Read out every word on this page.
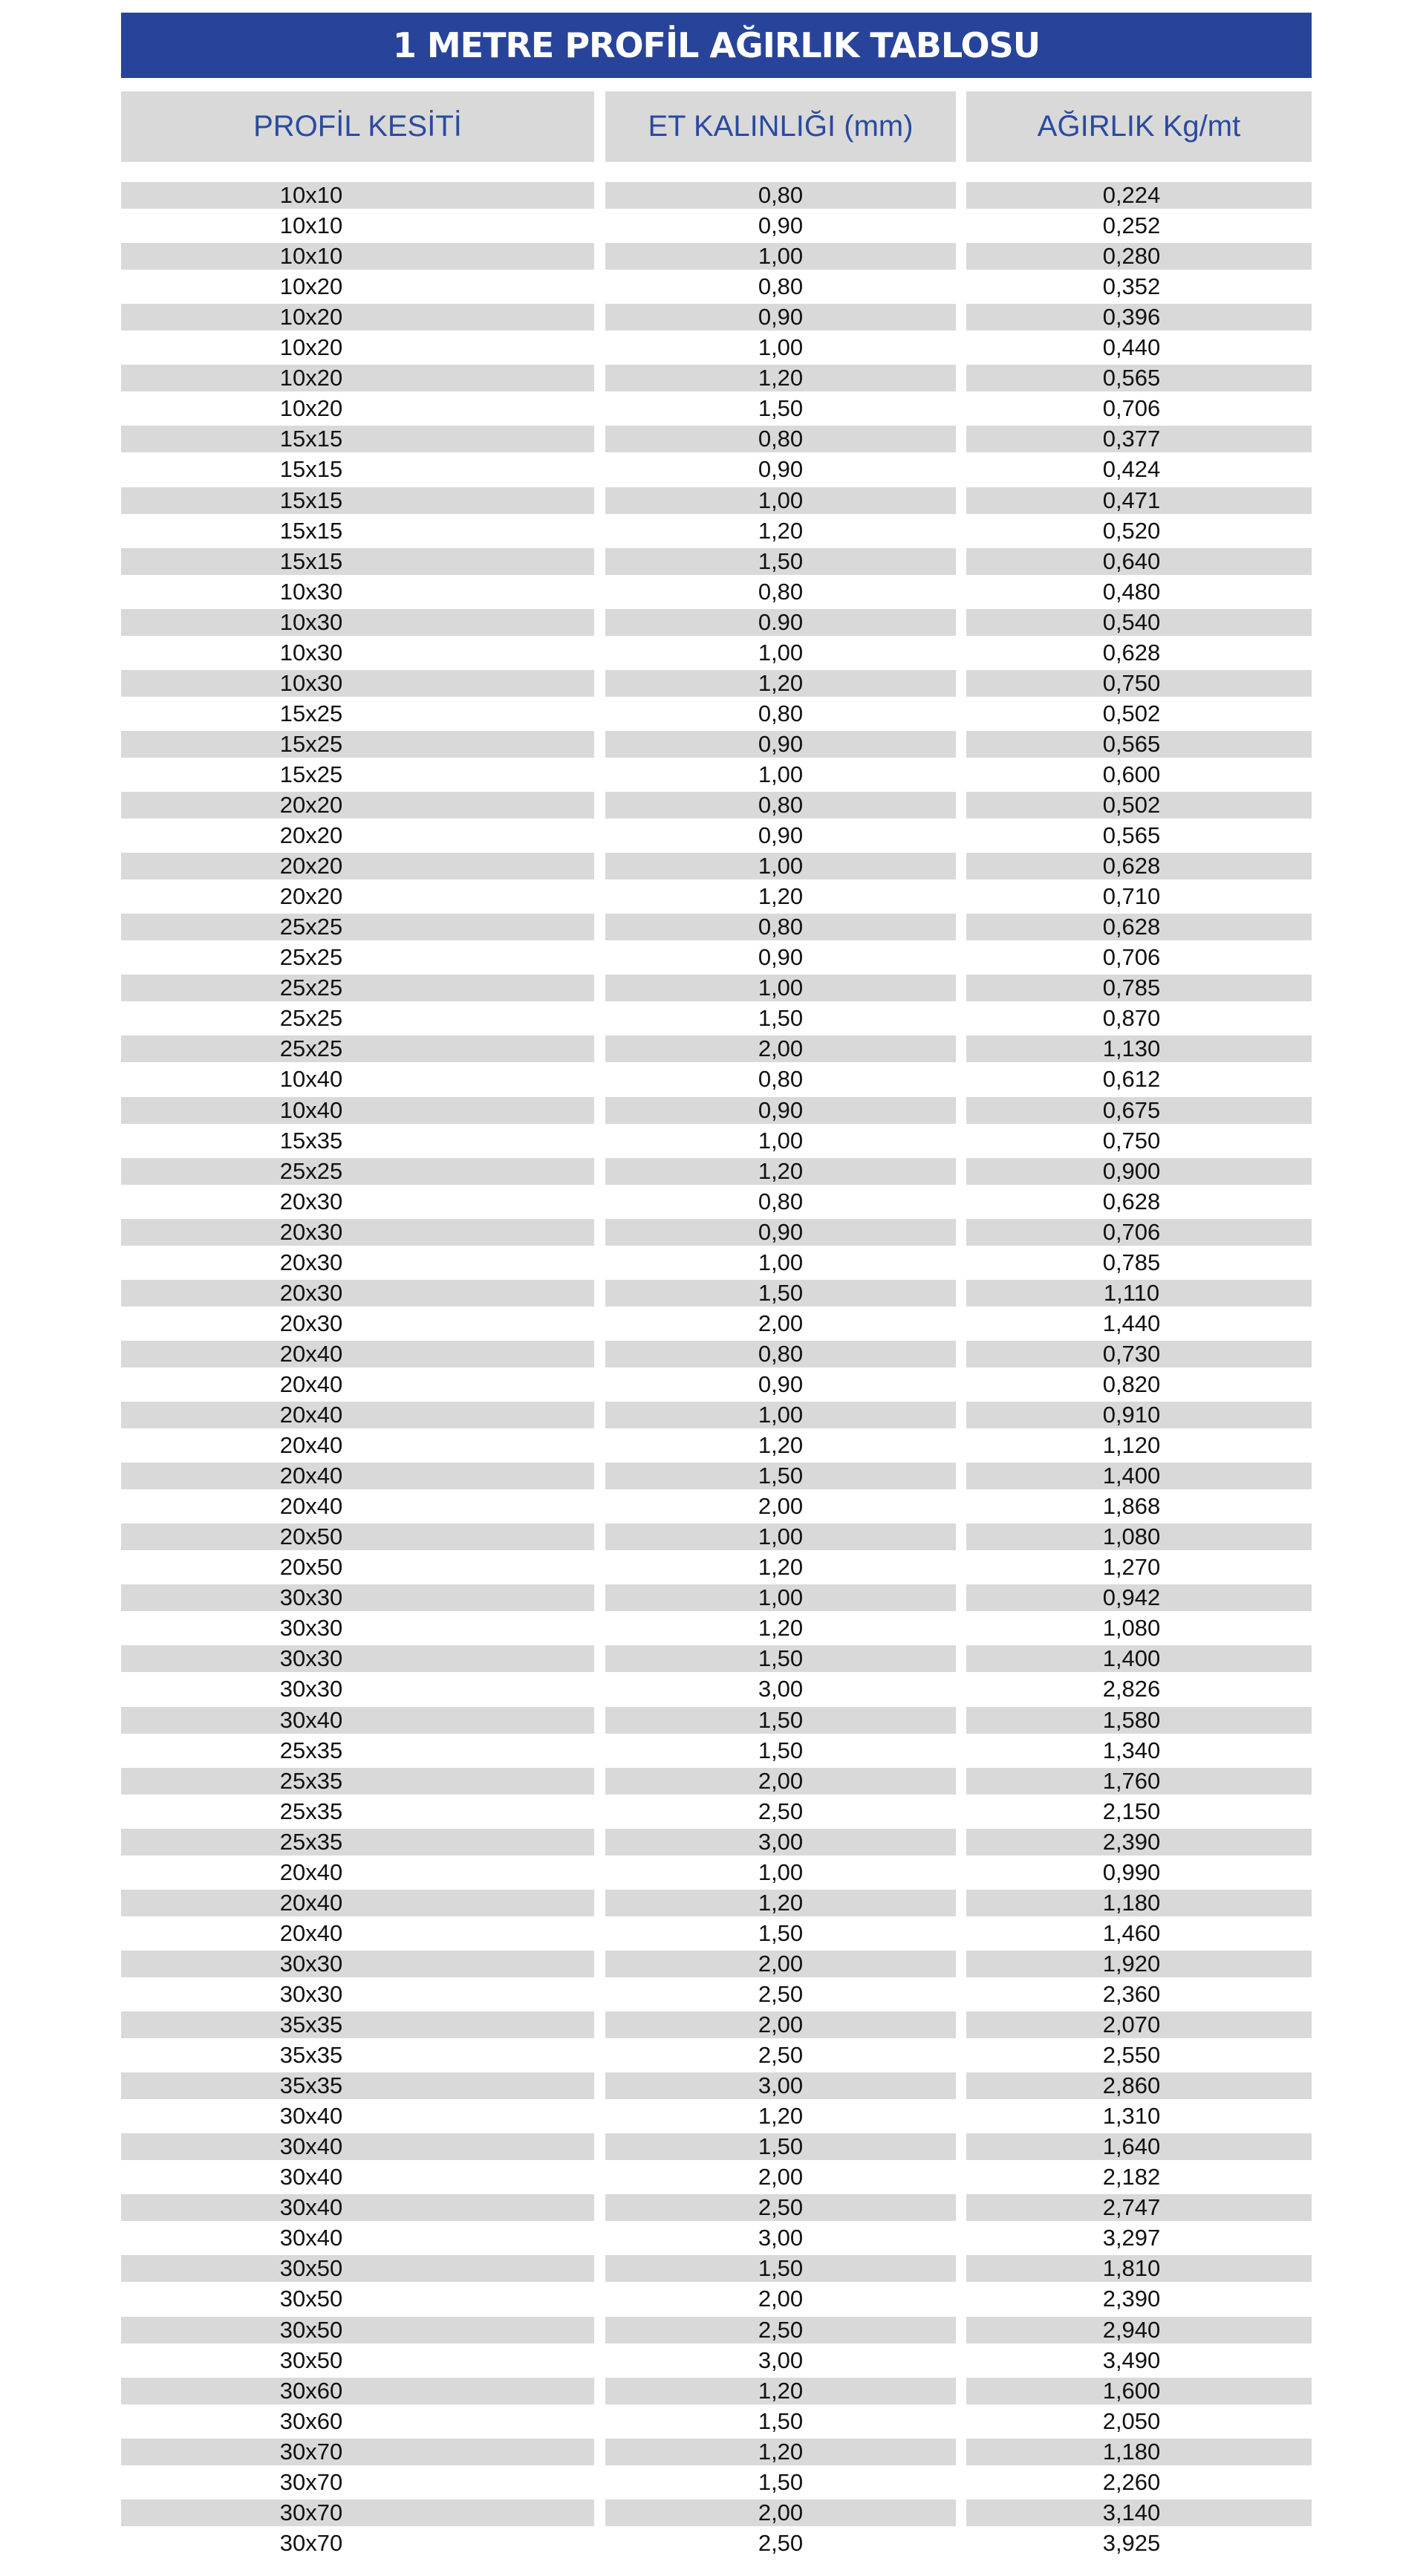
1 METRE PROFİL AĞIRLIK TABLOSU
PROFİL KESİTİ	ET KALINLIĞI (mm)	AĞIRLIK Kg/mt
10x10	0,80	0,224
10x10	0,90	0,252
10x10	1,00	0,280
10x20	0,80	0,352
10x20	0,90	0,396
10x20	1,00	0,440
10x20	1,20	0,565
10x20	1,50	0,706
15x15	0,80	0,377
15x15	0,90	0,424
15x15	1,00	0,471
15x15	1,20	0,520
15x15	1,50	0,640
10x30	0,80	0,480
10x30	0.90	0,540
10x30	1,00	0,628
10x30	1,20	0,750
15x25	0,80	0,502
15x25	0,90	0,565
15x25	1,00	0,600
20x20	0,80	0,502
20x20	0,90	0,565
20x20	1,00	0,628
20x20	1,20	0,710
25x25	0,80	0,628
25x25	0,90	0,706
25x25	1,00	0,785
25x25	1,50	0,870
25x25	2,00	1,130
10x40	0,80	0,612
10x40	0,90	0,675
15x35	1,00	0,750
25x25	1,20	0,900
20x30	0,80	0,628
20x30	0,90	0,706
20x30	1,00	0,785
20x30	1,50	1,110
20x30	2,00	1,440
20x40	0,80	0,730
20x40	0,90	0,820
20x40	1,00	0,910
20x40	1,20	1,120
20x40	1,50	1,400
20x40	2,00	1,868
20x50	1,00	1,080
20x50	1,20	1,270
30x30	1,00	0,942
30x30	1,20	1,080
30x30	1,50	1,400
30x30	3,00	2,826
30x40	1,50	1,580
25x35	1,50	1,340
25x35	2,00	1,760
25x35	2,50	2,150
25x35	3,00	2,390
20x40	1,00	0,990
20x40	1,20	1,180
20x40	1,50	1,460
30x30	2,00	1,920
30x30	2,50	2,360
35x35	2,00	2,070
35x35	2,50	2,550
35x35	3,00	2,860
30x40	1,20	1,310
30x40	1,50	1,640
30x40	2,00	2,182
30x40	2,50	2,747
30x40	3,00	3,297
30x50	1,50	1,810
30x50	2,00	2,390
30x50	2,50	2,940
30x50	3,00	3,490
30x60	1,20	1,600
30x60	1,50	2,050
30x70	1,20	1,180
30x70	1,50	2,260
30x70	2,00	3,140
30x70	2,50	3,925
